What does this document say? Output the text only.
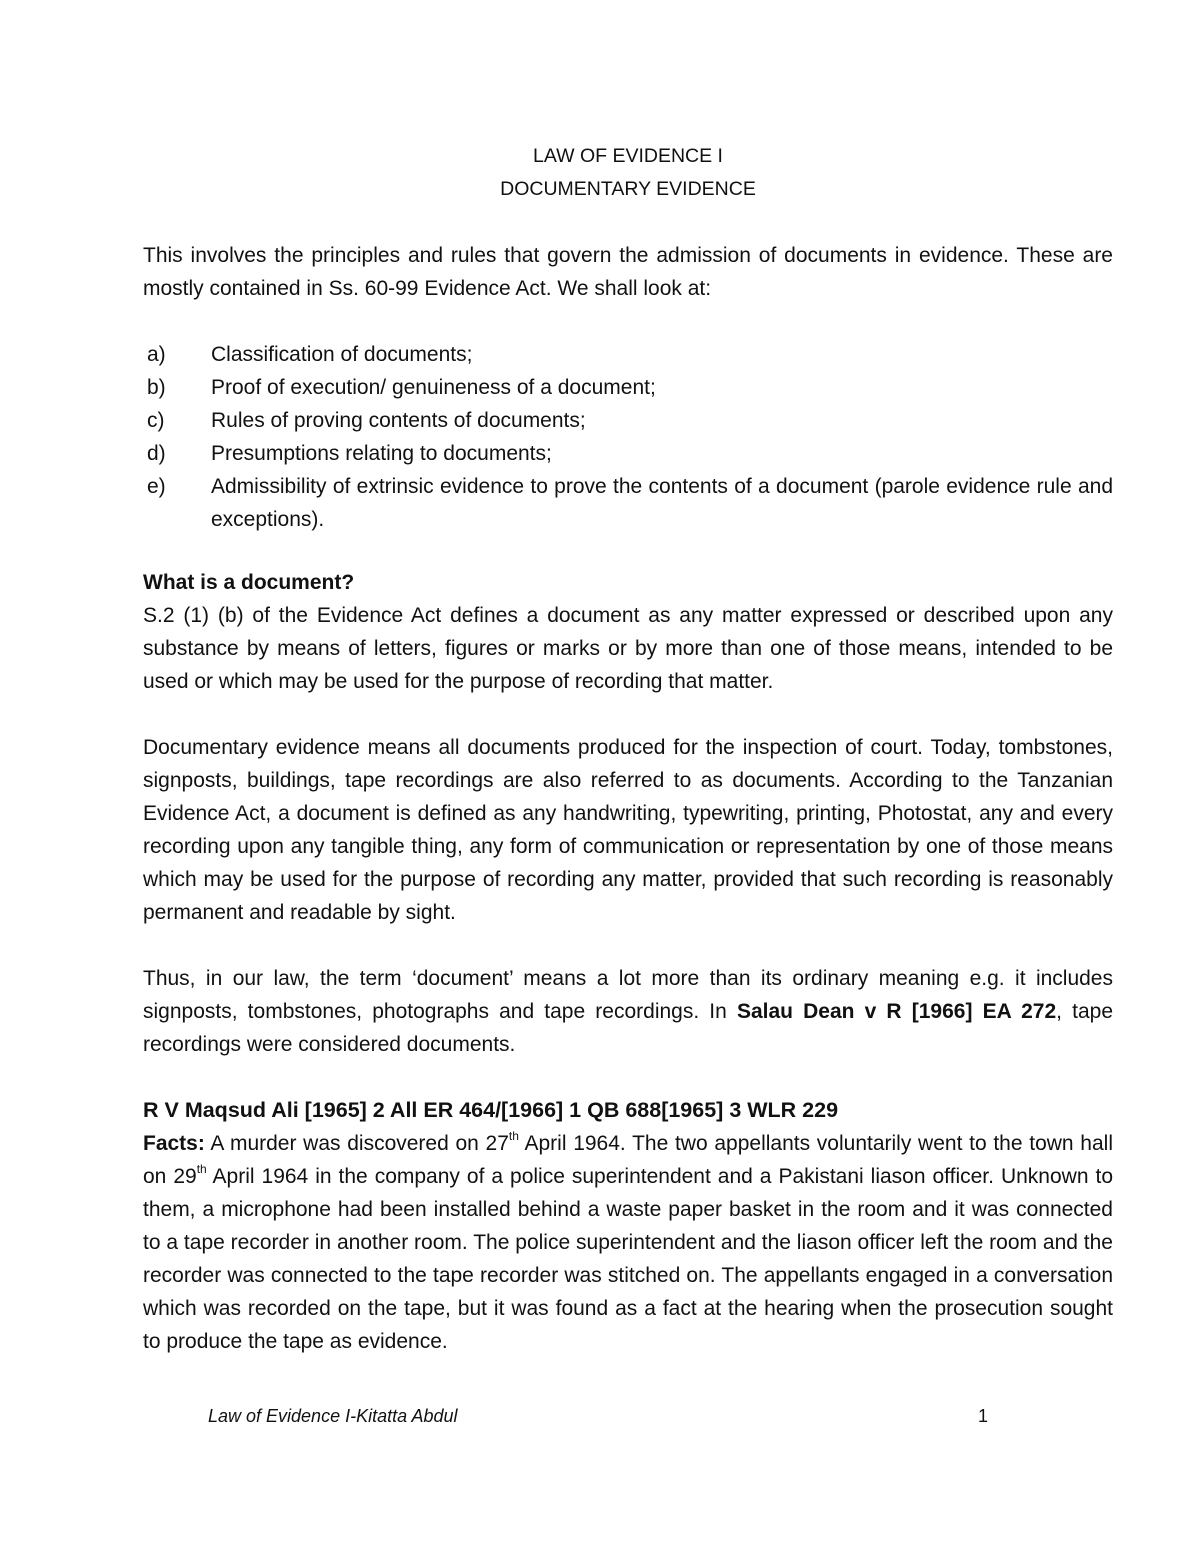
LAW OF EVIDENCE I

DOCUMENTARY EVIDENCE

This involves the principles and rules that govern the admission of documents in evidence. These are mostly contained in Ss. 60-99 Evidence Act. We shall look at:

a)	Classification of documents;
b)	Proof of execution/ genuineness of a document;
c)	Rules of proving contents of documents;
d)	Presumptions relating to documents;
e)	Admissibility of extrinsic evidence to prove the contents of a document (parole evidence rule and exceptions).

What is a document?

S.2 (1) (b) of the Evidence Act defines a document as any matter expressed or described upon any substance by means of letters, figures or marks or by more than one of those means, intended to be used or which may be used for the purpose of recording that matter.

Documentary evidence means all documents produced for the inspection of court. Today, tombstones, signposts, buildings, tape recordings are also referred to as documents. According to the Tanzanian Evidence Act, a document is defined as any handwriting, typewriting, printing, Photostat, any and every recording upon any tangible thing, any form of communication or representation by one of those means which may be used for the purpose of recording any matter, provided that such recording is reasonably permanent and readable by sight.

Thus, in our law, the term ‘document’ means a lot more than its ordinary meaning e.g. it includes signposts, tombstones, photographs and tape recordings. In Salau Dean v R [1966] EA 272, tape recordings were considered documents.

R V Maqsud Ali [1965] 2 All ER 464/[1966] 1 QB 688[1965] 3 WLR 229

Facts: A murder was discovered on 27th April 1964. The two appellants voluntarily went to the town hall on 29th April 1964 in the company of a police superintendent and a Pakistani liason officer. Unknown to them, a microphone had been installed behind a waste paper basket in the room and it was connected to a tape recorder in another room. The police superintendent and the liason officer left the room and the recorder was connected to the tape recorder was stitched on. The appellants engaged in a conversation which was recorded on the tape, but it was found as a fact at the hearing when the prosecution sought to produce the tape as evidence.

Law of Evidence I-Kitatta Abdul	1
